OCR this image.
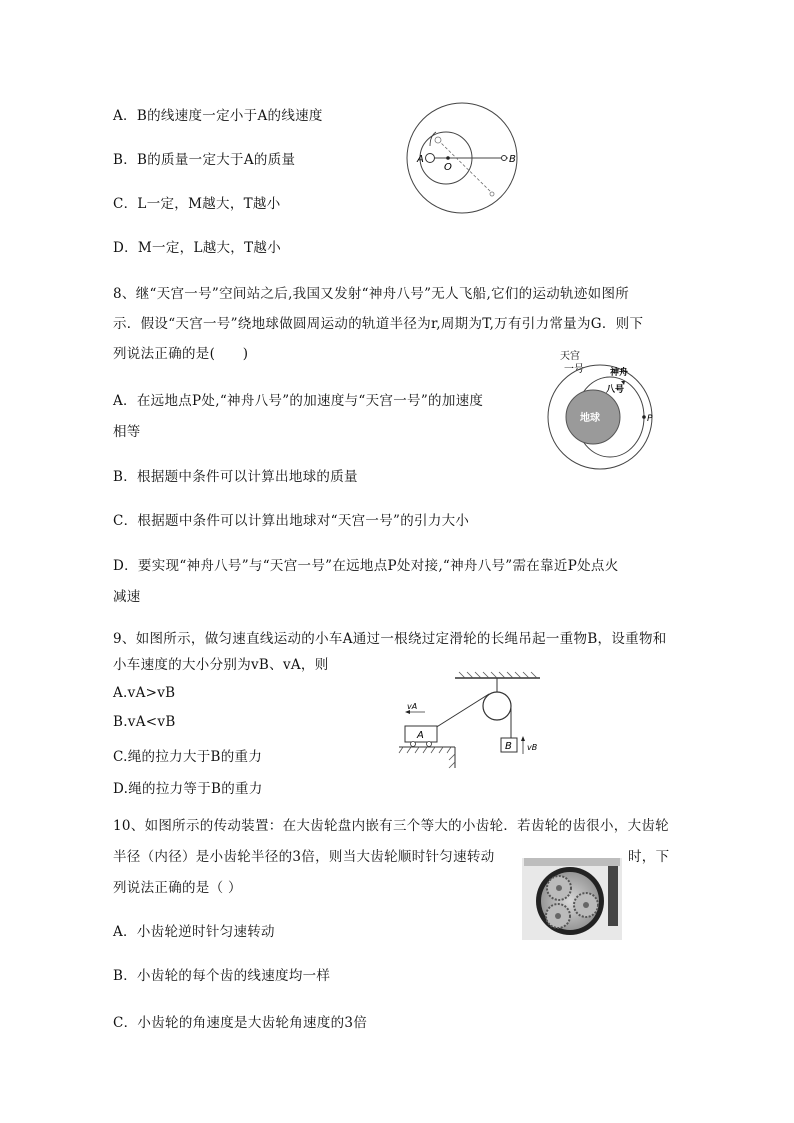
A．B的线速度一定小于A的线速度
B．B的质量一定大于A的质量
C．L一定，M越大，T越小
D．M一定，L越大，T越小
A
O
B
8、继“天宫一号”空间站之后,我国又发射“神舟八号”无人飞船,它们的运动轨迹如图所
示．假设“天宫一号”绕地球做圆周运动的轨道半径为r,周期为T,万有引力常量为G．则下
列说法正确的是(　　)
A．在远地点P处,“神舟八号”的加速度与“天宫一号”的加速度
相等
B．根据题中条件可以计算出地球的质量
C．根据题中条件可以计算出地球对“天宫一号”的引力大小
D．要实现“神舟八号”与“天宫一号”在远地点P处对接,“神舟八号”需在靠近P处点火
减速
地球
天宫
一号	神舟
八号
P
9、如图所示，做匀速直线运动的小车A通过一根绕过定滑轮的长绳吊起一重物B，设重物和
小车速度的大小分别为vB、vA，则
A.vA>vB
B.vA<vB
C.绳的拉力大于B的重力
D.绳的拉力等于B的重力
vA
A
B vB
10、如图所示的传动装置：在大齿轮盘内嵌有三个等大的小齿轮．若齿轮的齿很小，大齿轮
半径（内径）是小齿轮半径的3倍，则当大齿轮顺时针匀速转动	时，下
列说法正确的是（ ）
A．小齿轮逆时针匀速转动
B．小齿轮的每个齿的线速度均一样
C．小齿轮的角速度是大齿轮角速度的3倍
